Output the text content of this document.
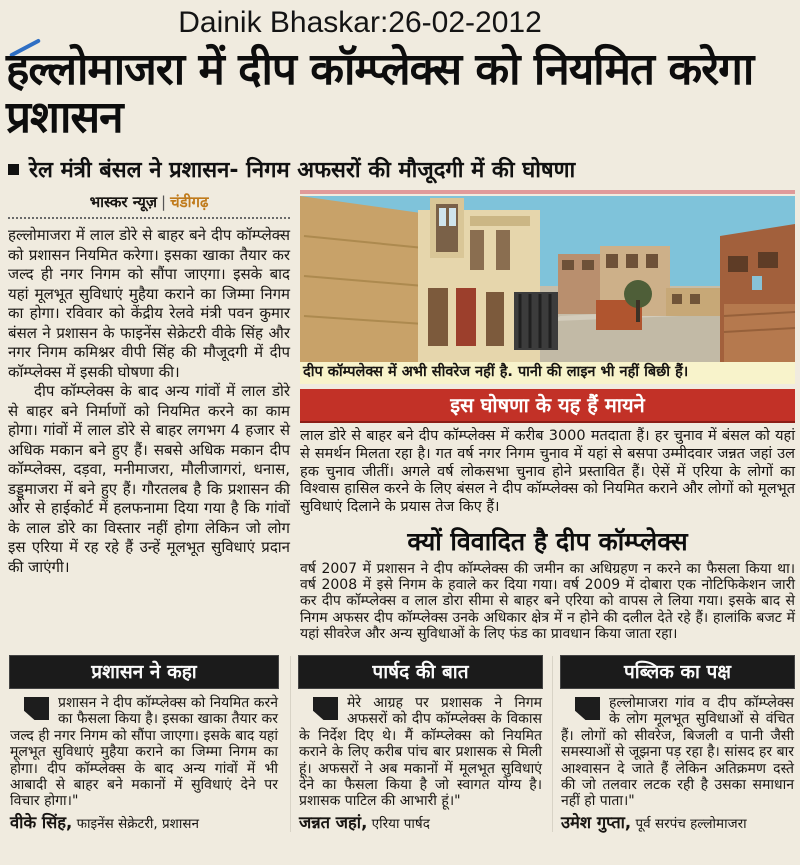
Dainik Bhaskar:26-02-2012
हल्लोमाजरा में दीप कॉम्प्लेक्स को नियमित करेगा प्रशासन
रेल मंत्री बंसल ने प्रशासन- निगम अफसरों की मौजूदगी में की घोषणा
भास्कर न्यूज़ | चंडीगढ़

हल्लोमाजरा में लाल डोरे से बाहर बने दीप कॉम्प्लेक्स को प्रशासन नियमित करेगा। इसका खाका तैयार कर जल्द ही नगर निगम को सौंपा जाएगा। इसके बाद यहां मूलभूत सुविधाएं मुहैया कराने का जिम्मा निगम का होगा। रविवार को केंद्रीय रेलवे मंत्री पवन कुमार बंसल ने प्रशासन के फाइनेंस सेक्रेटरी वीके सिंह और नगर निगम कमिश्नर वीपी सिंह की मौजूदगी में दीप कॉम्प्लेक्स में इसकी घोषणा की।

दीप कॉम्प्लेक्स के बाद अन्य गांवों में लाल डोरे से बाहर बने निर्माणों को नियमित करने का काम होगा। गांवों में लाल डोरे से बाहर लगभग 4 हजार से अधिक मकान बने हुए हैं। सबसे अधिक मकान दीप कॉम्प्लेक्स, दड़वा, मनीमाजरा, मौलीजागरां, धनास, डड्डूमाजरा में बने हुए हैं। गौरतलब है कि प्रशासन की ओर से हाईकोर्ट में हलफनामा दिया गया है कि गांवों के लाल डोरे का विस्तार नहीं होगा लेकिन जो लोग इस एरिया में रह रहे हैं उन्हें मूलभूत सुविधाएं प्रदान की जाएंगी।

दीप कॉम्पलेक्स में अभी सीवरेज नहीं है. पानी की लाइन भी नहीं बिछी हैं।
इस घोषणा के यह हैं मायने

लाल डोरे से बाहर बने दीप कॉम्प्लेक्स में करीब 3000 मतदाता हैं। हर चुनाव में बंसल को यहां से समर्थन मिलता रहा है। गत वर्ष नगर निगम चुनाव में यहां से बसपा उम्मीदवार जन्नत जहां उल हक चुनाव जीतीं। अगले वर्ष लोकसभा चुनाव होने प्रस्तावित हैं। ऐसें में एरिया के लोगों का विश्वास हासिल करने के लिए बंसल ने दीप कॉम्प्लेक्स को नियमित कराने और लोगों को मूलभूत सुविधाएं दिलाने के प्रयास तेज किए हैं।

क्यों विवादित है दीप कॉम्प्लेक्स

वर्ष 2007 में प्रशासन ने दीप कॉम्प्लेक्स की जमीन का अधिग्रहण न करने का फैसला किया था। वर्ष 2008 में इसे निगम के हवाले कर दिया गया। वर्ष 2009 में दोबारा एक नोटिफिकेशन जारी कर दीप कॉम्प्लेक्स व लाल डोरा सीमा से बाहर बने एरिया को वापस ले लिया गया। इसके बाद से निगम अफसर दीप कॉम्प्लेक्स उनके अधिकार क्षेत्र में न होने की दलील देते रहे हैं। हालांकि बजट में यहां सीवरेज और अन्य सुविधाओं के लिए फंड का प्रावधान किया जाता रहा।

प्रशासन ने कहा
प्रशासन ने दीप कॉम्प्लेक्स को नियमित करने का फैसला किया है। इसका खाका तैयार कर जल्द ही नगर निगम को सौंपा जाएगा। इसके बाद यहां मूलभूत सुविधाएं मुहैया कराने का जिम्मा निगम का होगा। दीप कॉम्प्लेक्स के बाद अन्य गांवों में भी आबादी से बाहर बने मकानों में सुविधाएं देने पर विचार होगा।"
वीके सिंह, फाइनेंस सेक्रेटरी, प्रशासन
पार्षद की बात
मेरे आग्रह पर प्रशासक ने निगम अफसरों को दीप कॉम्प्लेक्स के विकास के निर्देश दिए थे। मैं कॉम्प्लेक्स को नियमित कराने के लिए करीब पांच बार प्रशासक से मिली हूं। अफसरों ने अब मकानों में मूलभूत सुविधाएं देने का फैसला किया है जो स्वागत योग्य है। प्रशासक पाटिल की आभारी हूं।"
जन्नत जहां, एरिया पार्षद
पब्लिक का पक्ष
हल्लोमाजरा गांव व दीप कॉम्प्लेक्स के लोग मूलभूत सुविधाओं से वंचित हैं। लोगों को सीवरेज, बिजली व पानी जैसी समस्याओं से जूझना पड़ रहा है। सांसद हर बार आश्वासन दे जाते हैं लेकिन अतिक्रमण दस्ते की जो तलवार लटक रही है उसका समाधान नहीं हो पाता।"
उमेश गुप्ता, पूर्व सरपंच हल्लोमाजरा
